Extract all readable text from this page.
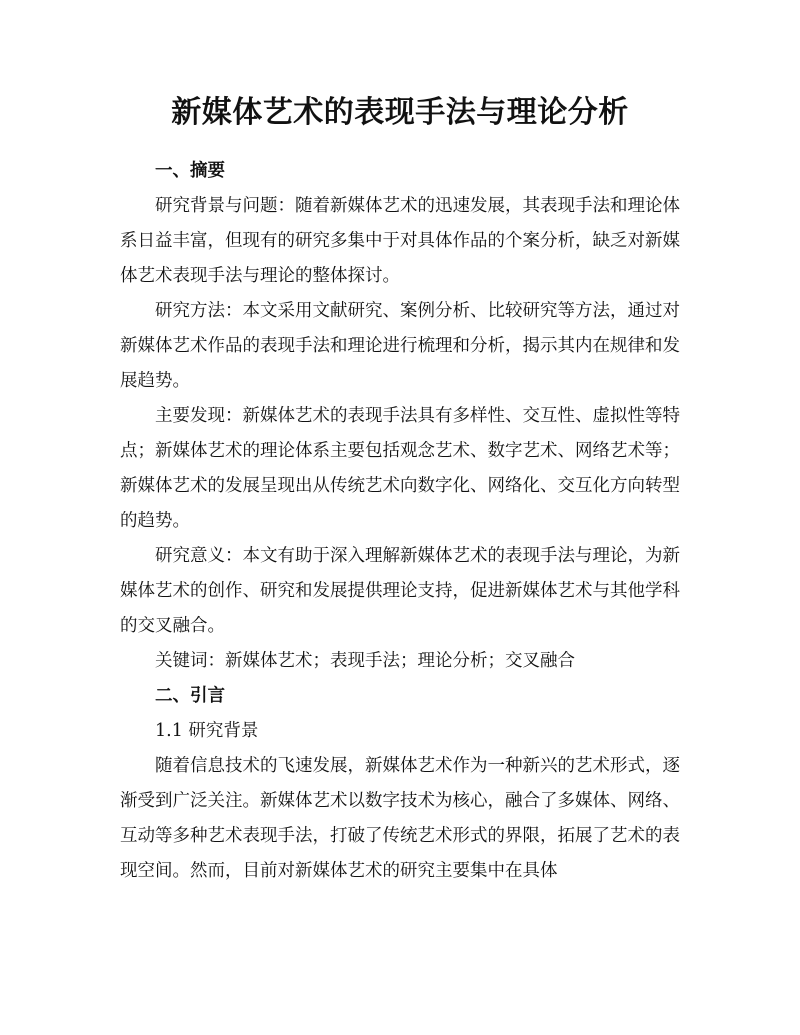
新媒体艺术的表现手法与理论分析
一、摘要

研究背景与问题：随着新媒体艺术的迅速发展，其表现手法和理论体系日益丰富，但现有的研究多集中于对具体作品的个案分析，缺乏对新媒体艺术表现手法与理论的整体探讨。

研究方法：本文采用文献研究、案例分析、比较研究等方法，通过对新媒体艺术作品的表现手法和理论进行梳理和分析，揭示其内在规律和发展趋势。

主要发现：新媒体艺术的表现手法具有多样性、交互性、虚拟性等特点；新媒体艺术的理论体系主要包括观念艺术、数字艺术、网络艺术等；新媒体艺术的发展呈现出从传统艺术向数字化、网络化、交互化方向转型的趋势。

研究意义：本文有助于深入理解新媒体艺术的表现手法与理论，为新媒体艺术的创作、研究和发展提供理论支持，促进新媒体艺术与其他学科的交叉融合。

关键词：新媒体艺术；表现手法；理论分析；交叉融合

二、引言
1.1 研究背景

随着信息技术的飞速发展，新媒体艺术作为一种新兴的艺术形式，逐渐受到广泛关注。新媒体艺术以数字技术为核心，融合了多媒体、网络、互动等多种艺术表现手法，打破了传统艺术形式的界限，拓展了艺术的表现空间。然而，目前对新媒体艺术的研究主要集中在具体
